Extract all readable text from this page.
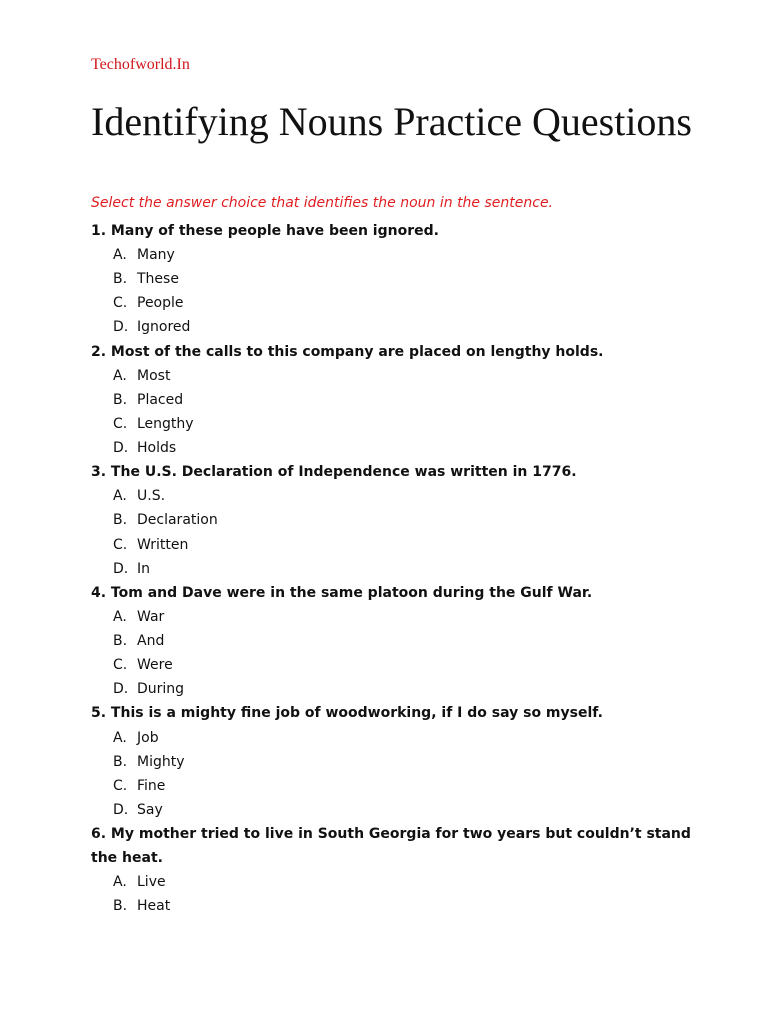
Techofworld.In
Identifying Nouns Practice Questions
Select the answer choice that identifies the noun in the sentence.
1. Many of these people have been ignored.
A. Many
B. These
C. People
D. Ignored
2. Most of the calls to this company are placed on lengthy holds.
A. Most
B. Placed
C. Lengthy
D. Holds
3. The U.S. Declaration of Independence was written in 1776.
A. U.S.
B. Declaration
C. Written
D. In
4. Tom and Dave were in the same platoon during the Gulf War.
A. War
B. And
C. Were
D. During
5. This is a mighty fine job of woodworking, if I do say so myself.
A. Job
B. Mighty
C. Fine
D. Say
6. My mother tried to live in South Georgia for two years but couldn’t stand the heat.
A. Live
B. Heat
